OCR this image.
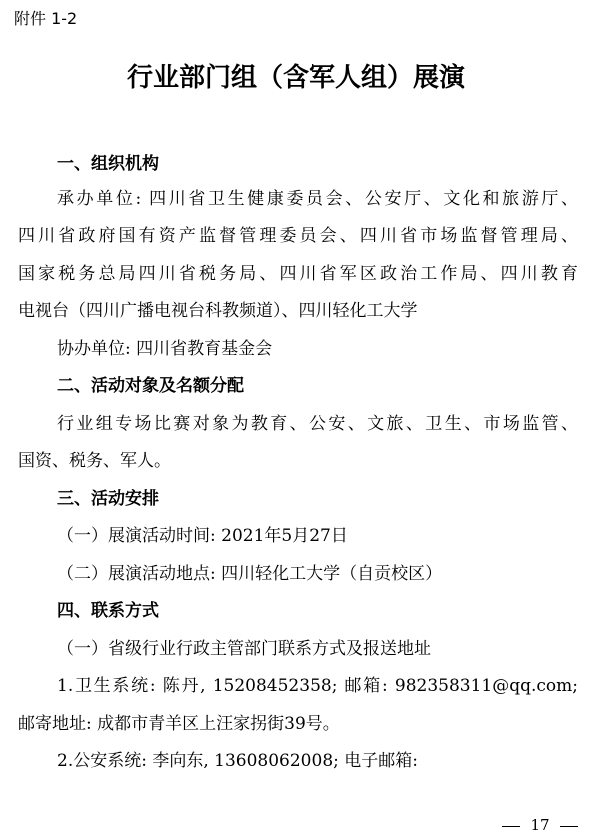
附件 1-2
行业部门组（含军人组）展演
一、组织机构
承办单位: 四川省卫生健康委员会、公安厅、文化和旅游厅、
四川省政府国有资产监督管理委员会、四川省市场监督管理局、
国家税务总局四川省税务局、四川省军区政治工作局、四川教育
电视台（四川广播电视台科教频道）、四川轻化工大学
协办单位: 四川省教育基金会
二、活动对象及名额分配
行业组专场比赛对象为教育、公安、文旅、卫生、市场监管、
国资、税务、军人。
三、活动安排
（一）展演活动时间: 2021年5月27日
（二）展演活动地点: 四川轻化工大学（自贡校区）
四、联系方式
（一）省级行业行政主管部门联系方式及报送地址
1.卫生系统: 陈丹, 15208452358; 邮箱: 982358311@qq.com;
邮寄地址: 成都市青羊区上汪家拐街39号。
2.公安系统: 李向东, 13608062008; 电子邮箱:
17
